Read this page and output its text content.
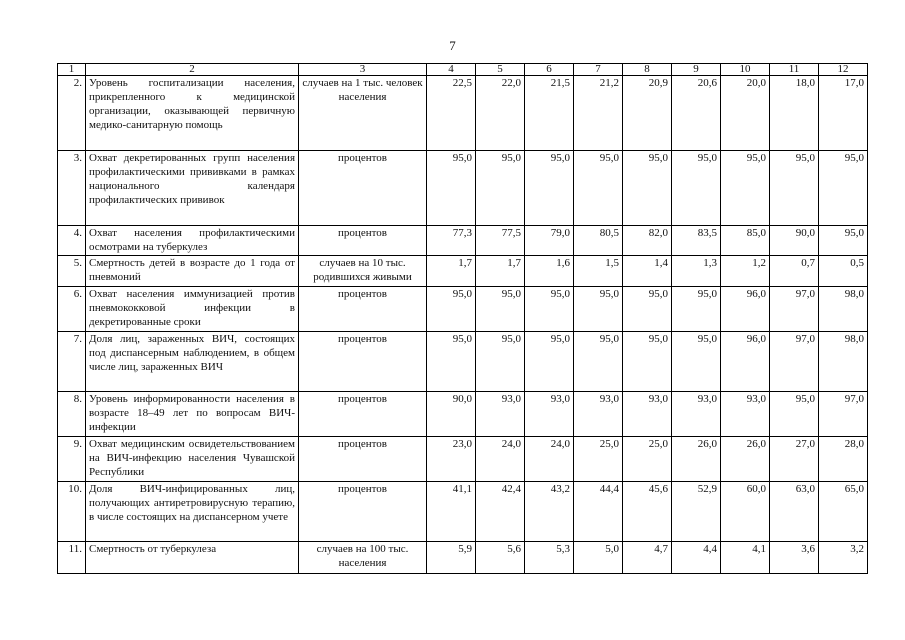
7
1	2	3	4	5	6	7	8	9	10	11	12
2.	Уровень госпитализации населения, прикрепленного к медицинской организации, оказывающей первичную медико-санитарную помощь	случаев на 1 тыс. человек населения	22,5	22,0	21,5	21,2	20,9	20,6	20,0	18,0	17,0
3.	Охват декретированных групп населения профилактическими прививками в рамках национального календаря профилактических прививок	процентов	95,0	95,0	95,0	95,0	95,0	95,0	95,0	95,0	95,0
4.	Охват населения профилактическими осмотрами на туберкулез	процентов	77,3	77,5	79,0	80,5	82,0	83,5	85,0	90,0	95,0
5.	Смертность детей в возрасте до 1 года от пневмоний	случаев на 10 тыс. родившихся живыми	1,7	1,7	1,6	1,5	1,4	1,3	1,2	0,7	0,5
6.	Охват населения иммунизацией против пневмококковой инфекции в декретированные сроки	процентов	95,0	95,0	95,0	95,0	95,0	95,0	96,0	97,0	98,0
7.	Доля лиц, зараженных ВИЧ, состоящих под диспансерным наблюдением, в общем числе лиц, зараженных ВИЧ	процентов	95,0	95,0	95,0	95,0	95,0	95,0	96,0	97,0	98,0
8.	Уровень информированности населения в возрасте 18–49 лет по вопросам ВИЧ-инфекции	процентов	90,0	93,0	93,0	93,0	93,0	93,0	93,0	95,0	97,0
9.	Охват медицинским освидетельствованием на ВИЧ-инфекцию населения Чувашской Республики	процентов	23,0	24,0	24,0	25,0	25,0	26,0	26,0	27,0	28,0
10.	Доля ВИЧ-инфицированных лиц, получающих антиретровирусную терапию, в числе состоящих на диспансерном учете	процентов	41,1	42,4	43,2	44,4	45,6	52,9	60,0	63,0	65,0
11.	Смертность от туберкулеза	случаев на 100 тыс. населения	5,9	5,6	5,3	5,0	4,7	4,4	4,1	3,6	3,2
